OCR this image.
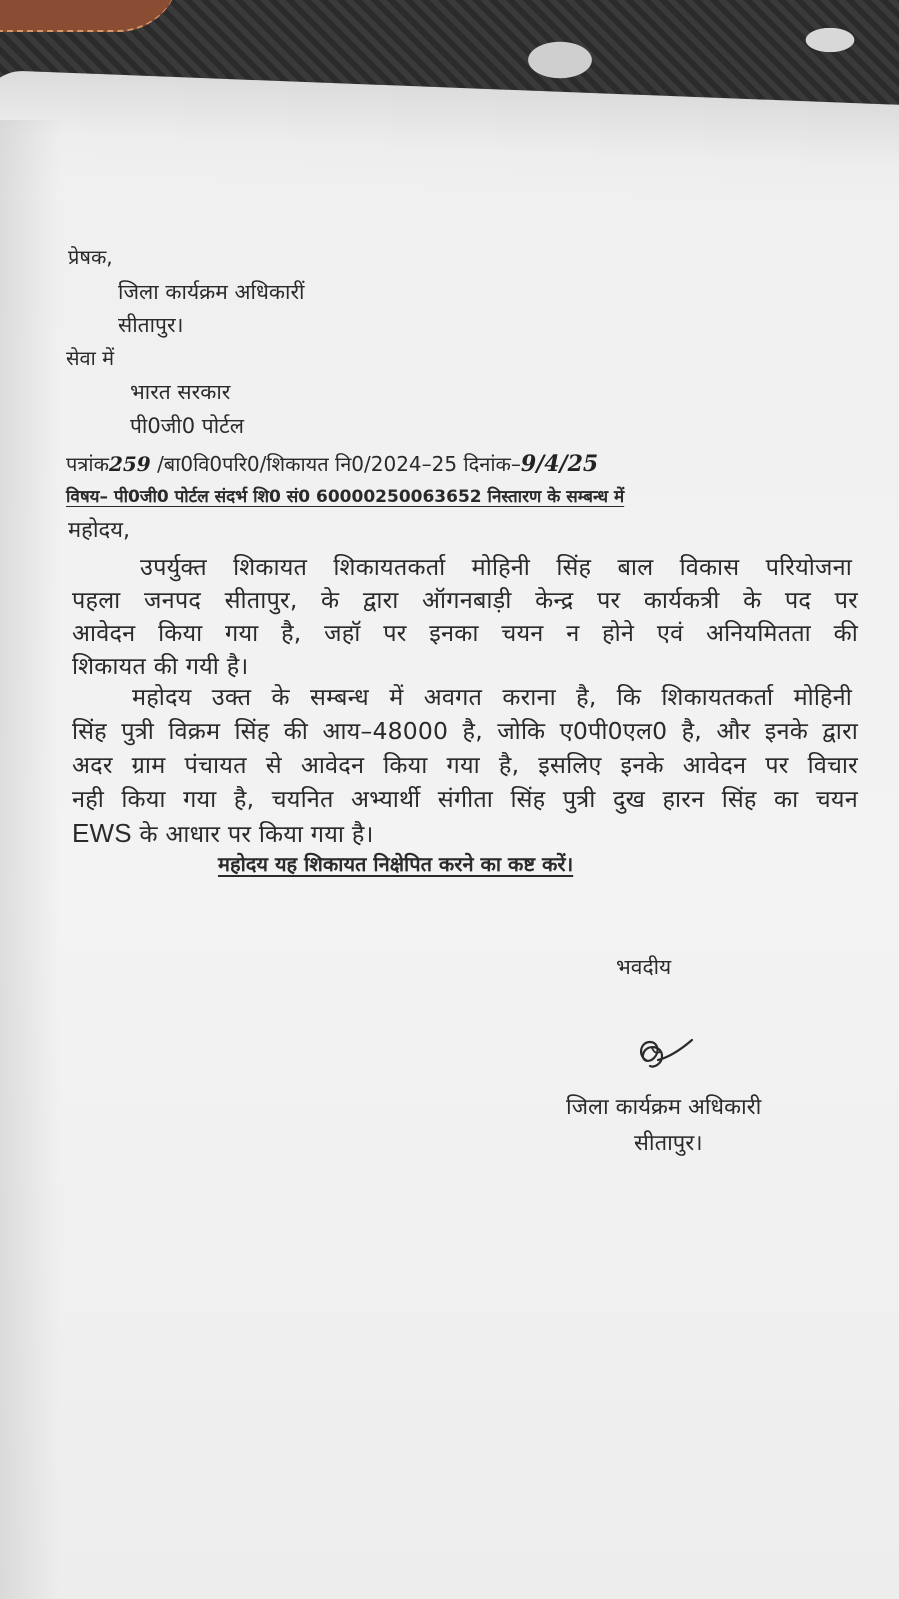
प्रेषक,
जिला कार्यक्रम अधिकारीं
सीतापुर।
सेवा में
भारत सरकार
पी0जी0 पोर्टल
पत्रांक259 /बा0वि0परि0/शिकायत नि0/2024–25 दिनांक–9/4/25
विषय– पी0जी0 पोर्टल संदर्भ शि0 सं0 60000250063652 निस्तारण के सम्बन्ध में
महोदय,
उपर्युक्त शिकायत शिकायतकर्ता मोहिनी सिंह बाल विकास परियोजना
पहला जनपद सीतापुर, के द्वारा ऑगनबाड़ी केन्द्र पर कार्यकत्री के पद पर
आवेदन किया गया है, जहॉ पर इनका चयन न होने एवं अनियमितता की
शिकायत की गयी है।
महोदय उक्त के सम्बन्ध में अवगत कराना है, कि शिकायतकर्ता मोहिनी
सिंह पुत्री विक्रम सिंह की आय–48000 है, जोकि ए0पी0एल0 है, और इनके द्वारा
अदर ग्राम पंचायत से आवेदन किया गया है, इसलिए इनके आवेदन पर विचार
नही किया गया है, चयनित अभ्यार्थी संगीता सिंह पुत्री दुख हारन सिंह का चयन
EWS के आधार पर किया गया है।
महोदय यह शिकायत निक्षेपित करने का कष्ट करें।
भवदीय
जिला कार्यक्रम अधिकारी
सीतापुर।
